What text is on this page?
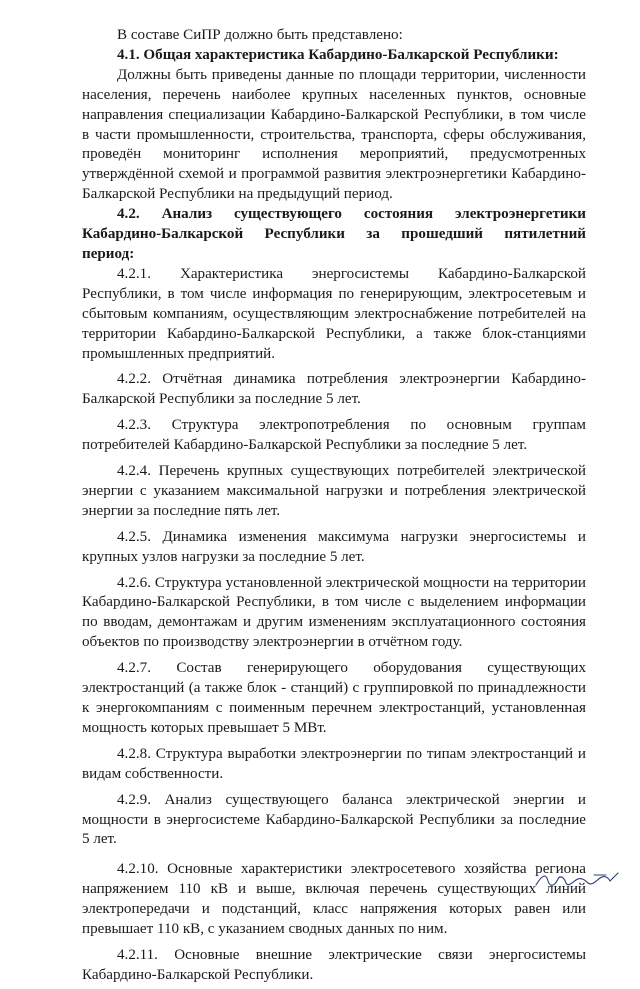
В составе СиПР должно быть представлено:

4.1. Общая характеристика Кабардино-Балкарской Республики:

Должны быть приведены данные по площади территории, численности населения, перечень наиболее крупных населенных пунктов, основные направления специализации Кабардино-Балкарской Республики, в том числе в части промышленности, строительства, транспорта, сферы обслуживания, проведён мониторинг исполнения мероприятий, предусмотренных утверждённой схемой и программой развития электроэнергетики Кабардино-Балкарской Республики на предыдущий период.

4.2. Анализ существующего состояния электроэнергетики Кабардино-Балкарской Республики за прошедший пятилетний период:

4.2.1. Характеристика энергосистемы Кабардино-Балкарской Республики, в том числе информация по генерирующим, электросетевым и сбытовым компаниям, осуществляющим электроснабжение потребителей на территории Кабардино-Балкарской Республики, а также блок-станциями промышленных предприятий.

4.2.2. Отчётная динамика потребления электроэнергии Кабардино-Балкарской Республики за последние 5 лет.

4.2.3. Структура электропотребления по основным группам потребителей Кабардино-Балкарской Республики за последние 5 лет.

4.2.4. Перечень крупных существующих потребителей электрической энергии с указанием максимальной нагрузки и потребления электрической энергии за последние пять лет.

4.2.5. Динамика изменения максимума нагрузки энергосистемы и крупных узлов нагрузки за последние 5 лет.

4.2.6. Структура установленной электрической мощности на территории Кабардино-Балкарской Республики, в том числе с выделением информации по вводам, демонтажам и другим изменениям эксплуатационного состояния объектов по производству электроэнергии в отчётном году.

4.2.7. Состав генерирующего оборудования существующих электростанций (а также блок - станций) с группировкой по принадлежности к энергокомпаниям с поименным перечнем электростанций, установленная мощность которых превышает 5 МВт.

4.2.8. Структура выработки электроэнергии по типам электростанций и видам собственности.

4.2.9. Анализ существующего баланса электрической энергии и мощности в энергосистеме Кабардино-Балкарской Республики за последние 5 лет.

4.2.10. Основные характеристики электросетевого хозяйства региона напряжением 110 кВ и выше, включая перечень существующих линий электропередачи и подстанций, класс напряжения которых равен или превышает 110 кВ, с указанием сводных данных по ним.

4.2.11. Основные внешние электрические связи энергосистемы Кабардино-Балкарской Республики.
